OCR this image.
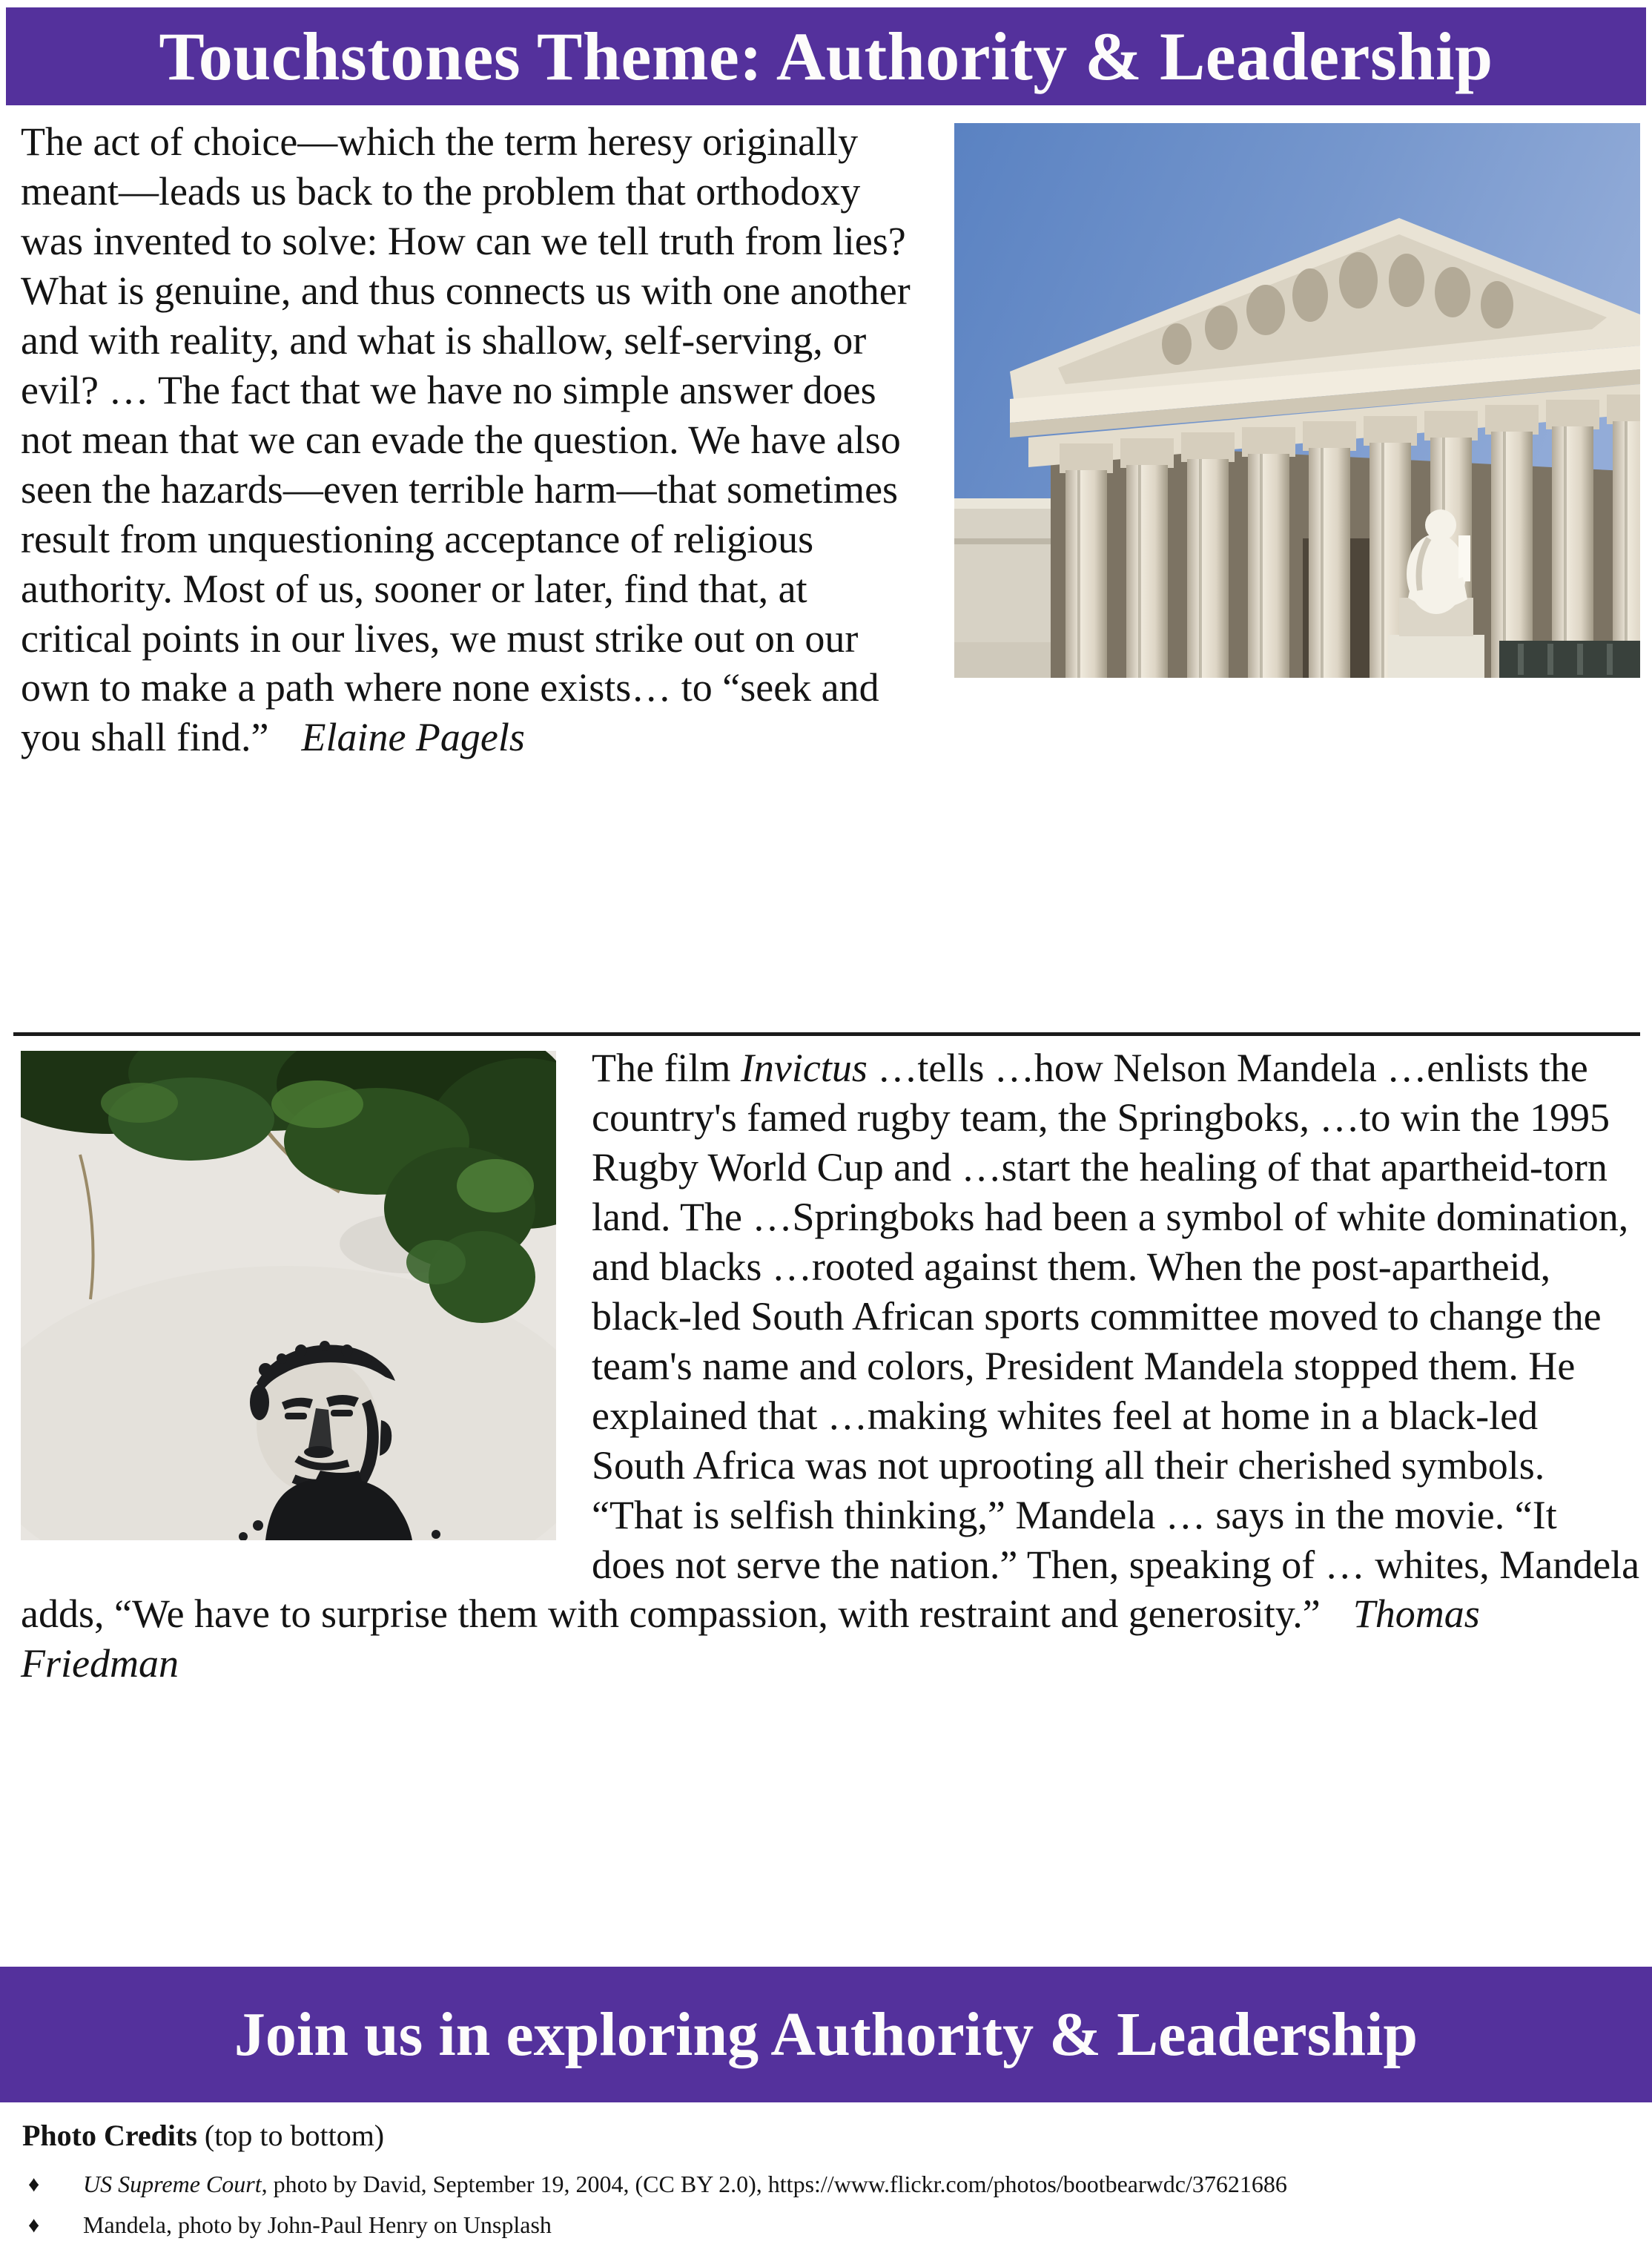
Touchstones Theme: Authority & Leadership

The act of choice—which the term heresy originally meant—leads us back to the problem that orthodoxy was invented to solve: How can we tell truth from lies? What is genuine, and thus connects us with one another and with reality, and what is shallow, self-serving, or evil? … The fact that we have no simple answer does not mean that we can evade the question. We have also seen the hazards—even terrible harm—that sometimes result from unquestioning acceptance of religious authority. Most of us, sooner or later, find that, at critical points in our lives, we must strike out on our own to make a path where none exists… to “seek and you shall find.” Elaine Pagels

The film Invictus …tells …how Nelson Mandela …enlists the country's famed rugby team, the Springboks, …to win the 1995 Rugby World Cup and …start the healing of that apartheid-torn land. The …Springboks had been a symbol of white domination, and blacks …rooted against them. When the post-apartheid, black-led South African sports committee moved to change the team's name and colors, President Mandela stopped them. He explained that …making whites feel at home in a black-led South Africa was not uprooting all their cherished symbols. “That is selfish thinking,” Mandela … says in the movie. “It does not serve the nation.” Then, speaking of … whites, Mandela adds, “We have to surprise them with compassion, with restraint and generosity.” Thomas Friedman

Join us in exploring Authority & Leadership
Photo Credits (top to bottom)
♦	US Supreme Court, photo by David, September 19, 2004, (CC BY 2.0), https://www.flickr.com/photos/bootbearwdc/37621686
♦	Mandela, photo by John-Paul Henry on Unsplash
